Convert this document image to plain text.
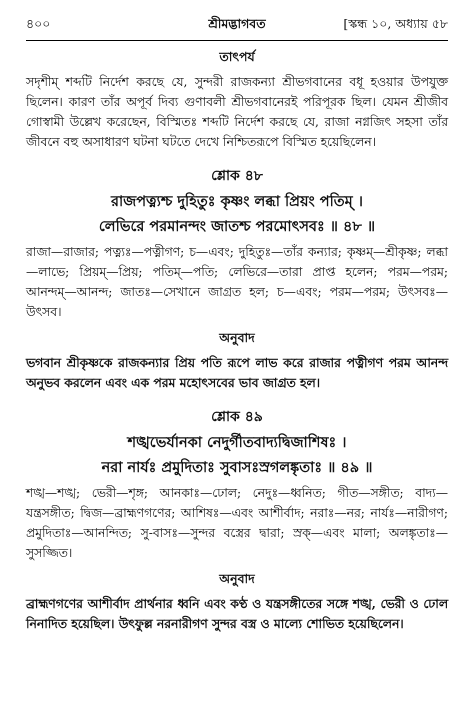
৪০০	শ্রীমদ্ভাগবত	[স্কন্ধ ১০, অধ্যায় ৫৮
তাৎপর্য

সদৃশীম্ শব্দটি নির্দেশ করছে যে, সুন্দরী রাজকন্যা শ্রীভগবানের বধূ হওয়ার উপযুক্ত ছিলেন। কারণ তাঁর অপূর্ব দিব্য গুণাবলী শ্রীভগবানেরই পরিপূরক ছিল। যেমন শ্রীজীব গোস্বামী উল্লেখ করেছেন, বিস্মিতঃ শব্দটি নির্দেশ করছে যে, রাজা নগ্নজিৎ সহসা তাঁর জীবনে বহু অসাধারণ ঘটনা ঘটতে দেখে নিশ্চিতরূপে বিস্মিত হয়েছিলেন।

শ্লোক ৪৮
রাজপত্ন্যশ্চ দুহিতুঃ কৃষ্ণং লব্ধা প্রিয়ং পতিম্ ।
লেভিরে পরমানন্দং জাতশ্চ পরমোৎসবঃ ॥ ৪৮ ॥
রাজা—রাজার; পত্ন্যঃ—পত্নীগণ; চ—এবং; দুহিতুঃ—তাঁর কন্যার; কৃষ্ণম্—শ্রীকৃষ্ণ; লব্ধা—লাভে; প্রিয়ম্—প্রিয়; পতিম্—পতি; লেভিরে—তারা প্রাপ্ত হলেন; পরম—পরম; আনন্দম্—আনন্দ; জাতঃ—সেখানে জাগ্রত হল; চ—এবং; পরম—পরম; উৎসবঃ—উৎসব।
অনুবাদ

ভগবান শ্রীকৃষ্ণকে রাজকন্যার প্রিয় পতি রূপে লাভ করে রাজার পত্নীগণ পরম আনন্দ অনুভব করলেন এবং এক পরম মহোৎসবের ভাব জাগ্রত হল।

শ্লোক ৪৯
শঙ্খভের্যানকা নেদুর্গীতবাদ্যদ্বিজাশিষঃ ।
নরা নার্যঃ প্রমুদিতাঃ সুবাসঃস্রগলঙ্কৃতাঃ ॥ ৪৯ ॥
শঙ্খ—শঙ্খ; ভেরী—শৃঙ্গ; আনকাঃ—ঢোল; নেদুঃ—ধ্বনিত; গীত—সঙ্গীত; বাদ্য—যন্ত্রসঙ্গীত; দ্বিজ—ব্রাহ্মণগণের; আশিষঃ—এবং আশীর্বাদ; নরাঃ—নর; নার্যঃ—নারীগণ; প্রমুদিতাঃ—আনন্দিত; সু-বাসঃ—সুন্দর বস্ত্রের দ্বারা; স্রক্—এবং মালা; অলঙ্কৃতাঃ—সুসজ্জিত।
অনুবাদ

ব্রাহ্মণগণের আশীর্বাদ প্রার্থনার ধ্বনি এবং কণ্ঠ ও যন্ত্রসঙ্গীতের সঙ্গে শঙ্খ, ভেরী ও ঢোল নিনাদিত হয়েছিল। উৎফুল্ল নরনারীগণ সুন্দর বস্ত্র ও মাল্যে শোভিত হয়েছিলেন।
